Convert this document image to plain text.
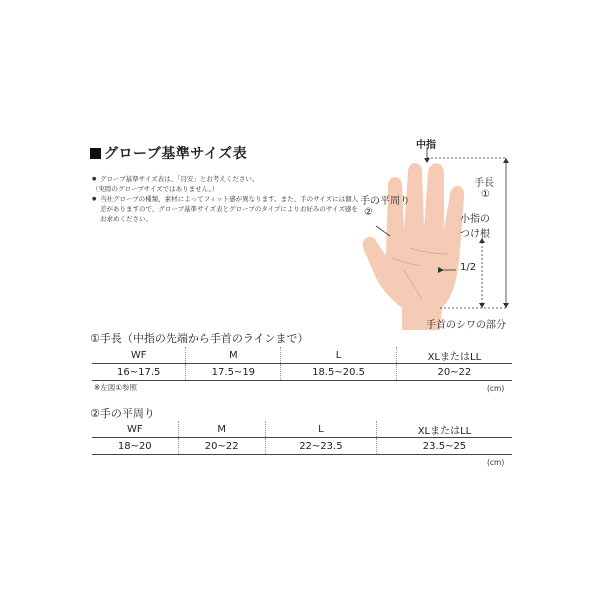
グローブ基準サイズ表
● グローブ基準サイズ表は、「目安」とお考えください。
（実際のグローブサイズではありません。）
● 当社グローブの種類、素材によってフィット感が異なります。また、手のサイズには個人差がありますので、グローブ基準サイズ表とグローブのタイプによりお好みのサイズ感をお求めください。
中指
手長
①
手の平周り
②
小指の
つけ根
1/2
手首のシワの部分
①手長（中指の先端から手首のラインまで）
WF	M	L	XLまたはLL
16~17.5	17.5~19	18.5~20.5	20~22
※左図①参照	(cm)
②手の平周り
WF	M	L	XLまたはLL
18~20	20~22	22~23.5	23.5~25
(cm)
